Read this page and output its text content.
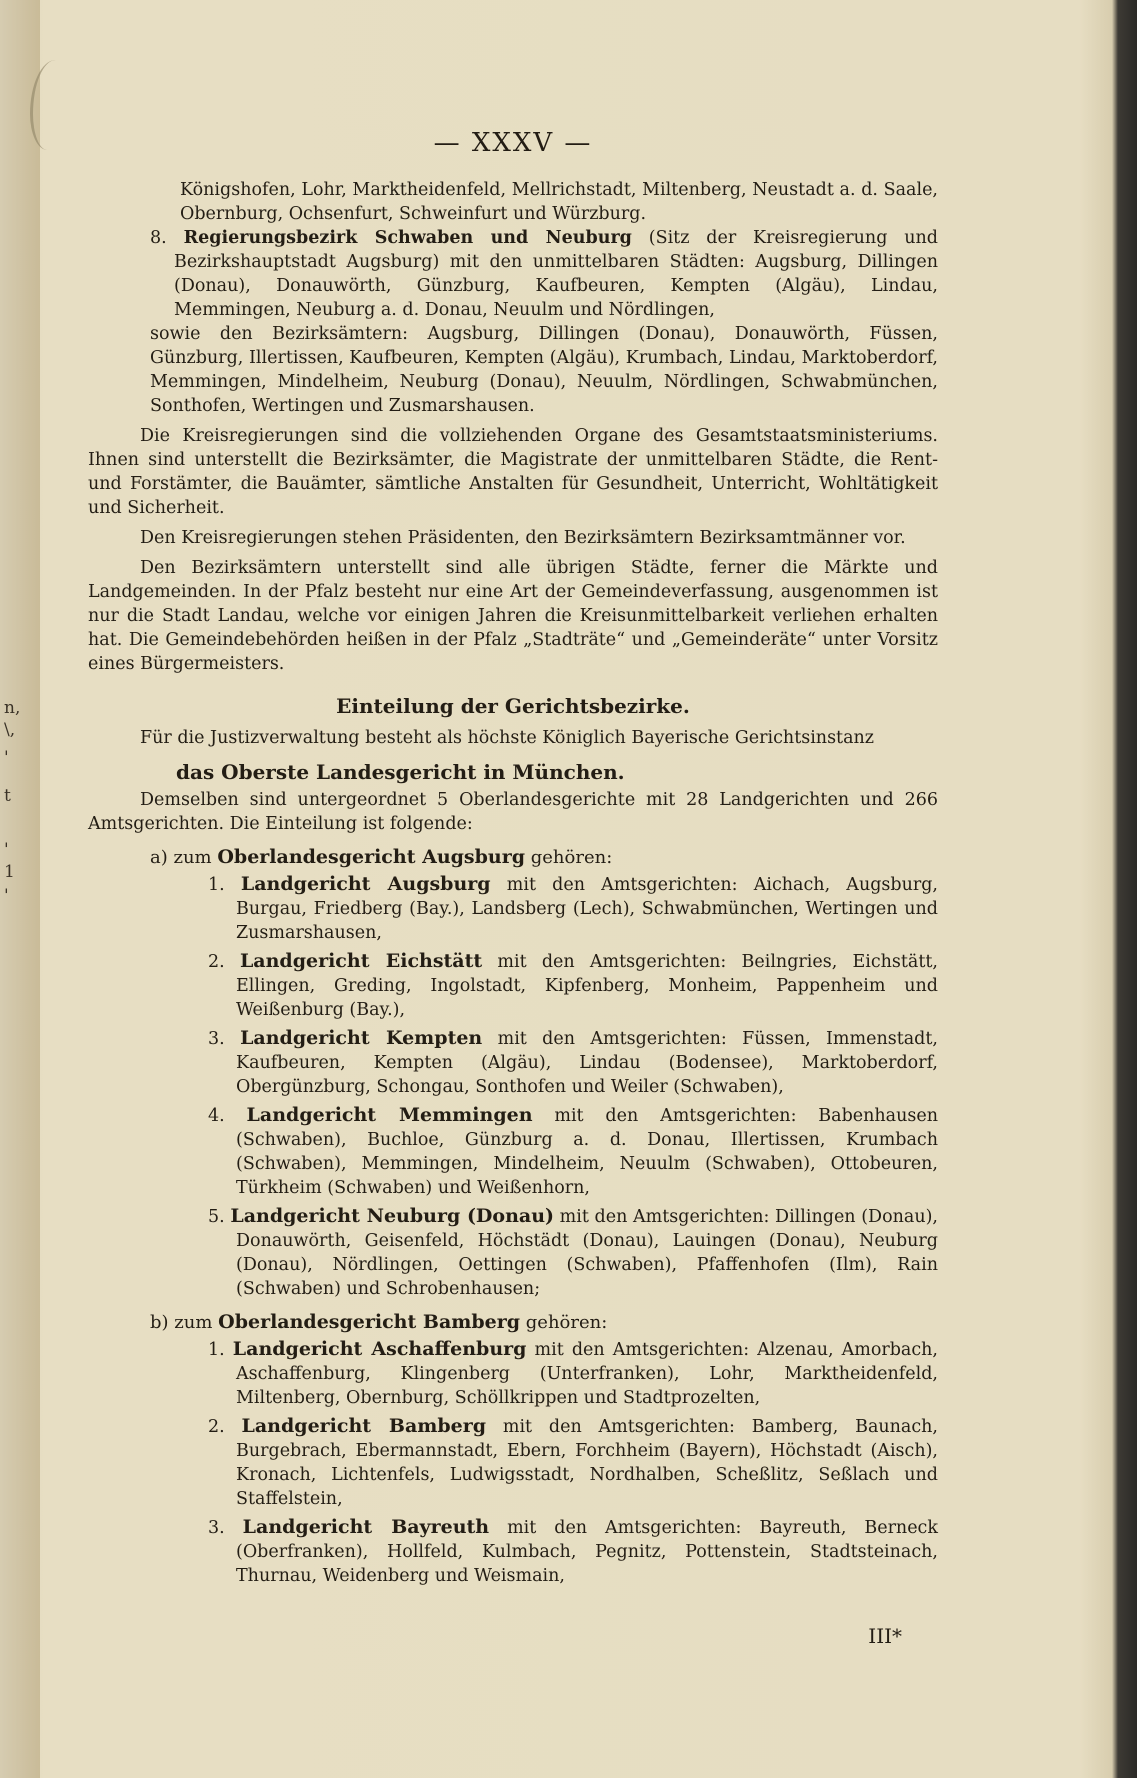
n,
\,
'
t
'
1
'
— XXXV —

Königshofen, Lohr, Marktheidenfeld, Mellrichstadt, Miltenberg, Neustadt a. d. Saale, Obernburg, Ochsenfurt, Schweinfurt und Würzburg.

8. Regierungsbezirk Schwaben und Neuburg (Sitz der Kreisregierung und Bezirkshauptstadt Augsburg) mit den unmittelbaren Städten: Augsburg, Dillingen (Donau), Donauwörth, Günzburg, Kaufbeuren, Kempten (Algäu), Lindau, Memmingen, Neuburg a. d. Donau, Neuulm und Nördlingen,

sowie den Bezirksämtern: Augsburg, Dillingen (Donau), Donauwörth, Füssen, Günzburg, Illertissen, Kaufbeuren, Kempten (Algäu), Krumbach, Lindau, Marktoberdorf, Memmingen, Mindelheim, Neuburg (Donau), Neuulm, Nördlingen, Schwabmünchen, Sonthofen, Wertingen und Zusmarshausen.

Die Kreisregierungen sind die vollziehenden Organe des Gesamtstaatsministeriums. Ihnen sind unterstellt die Bezirksämter, die Magistrate der unmittelbaren Städte, die Rent- und Forstämter, die Bauämter, sämtliche Anstalten für Gesundheit, Unterricht, Wohltätigkeit und Sicherheit.

Den Kreisregierungen stehen Präsidenten, den Bezirksämtern Bezirksamtmänner vor.

Den Bezirksämtern unterstellt sind alle übrigen Städte, ferner die Märkte und Landgemeinden. In der Pfalz besteht nur eine Art der Gemeindeverfassung, ausgenommen ist nur die Stadt Landau, welche vor einigen Jahren die Kreisunmittelbarkeit verliehen erhalten hat. Die Gemeindebehörden heißen in der Pfalz „Stadträte“ und „Gemeinderäte“ unter Vorsitz eines Bürgermeisters.

Einteilung der Gerichtsbezirke.

Für die Justizverwaltung besteht als höchste Königlich Bayerische Gerichtsinstanz

das Oberste Landesgericht in München.

Demselben sind untergeordnet 5 Oberlandesgerichte mit 28 Landgerichten und 266 Amtsgerichten. Die Einteilung ist folgende:

a) zum Oberlandesgericht Augsburg gehören:

1. Landgericht Augsburg mit den Amtsgerichten: Aichach, Augsburg, Burgau, Friedberg (Bay.), Landsberg (Lech), Schwabmünchen, Wertingen und Zusmarshausen,

2. Landgericht Eichstätt mit den Amtsgerichten: Beilngries, Eichstätt, Ellingen, Greding, Ingolstadt, Kipfenberg, Monheim, Pappenheim und Weißenburg (Bay.),

3. Landgericht Kempten mit den Amtsgerichten: Füssen, Immenstadt, Kaufbeuren, Kempten (Algäu), Lindau (Bodensee), Marktoberdorf, Obergünzburg, Schongau, Sonthofen und Weiler (Schwaben),

4. Landgericht Memmingen mit den Amtsgerichten: Babenhausen (Schwaben), Buchloe, Günzburg a. d. Donau, Illertissen, Krumbach (Schwaben), Memmingen, Mindelheim, Neuulm (Schwaben), Ottobeuren, Türkheim (Schwaben) und Weißenhorn,

5. Landgericht Neuburg (Donau) mit den Amtsgerichten: Dillingen (Donau), Donauwörth, Geisenfeld, Höchstädt (Donau), Lauingen (Donau), Neuburg (Donau), Nördlingen, Oettingen (Schwaben), Pfaffenhofen (Ilm), Rain (Schwaben) und Schrobenhausen;

b) zum Oberlandesgericht Bamberg gehören:

1. Landgericht Aschaffenburg mit den Amtsgerichten: Alzenau, Amorbach, Aschaffenburg, Klingenberg (Unterfranken), Lohr, Marktheidenfeld, Miltenberg, Obernburg, Schöllkrippen und Stadtprozelten,

2. Landgericht Bamberg mit den Amtsgerichten: Bamberg, Baunach, Burgebrach, Ebermannstadt, Ebern, Forchheim (Bayern), Höchstadt (Aisch), Kronach, Lichtenfels, Ludwigsstadt, Nordhalben, Scheßlitz, Seßlach und Staffelstein,

3. Landgericht Bayreuth mit den Amtsgerichten: Bayreuth, Berneck (Oberfranken), Hollfeld, Kulmbach, Pegnitz, Pottenstein, Stadtsteinach, Thurnau, Weidenberg und Weismain,

III*
